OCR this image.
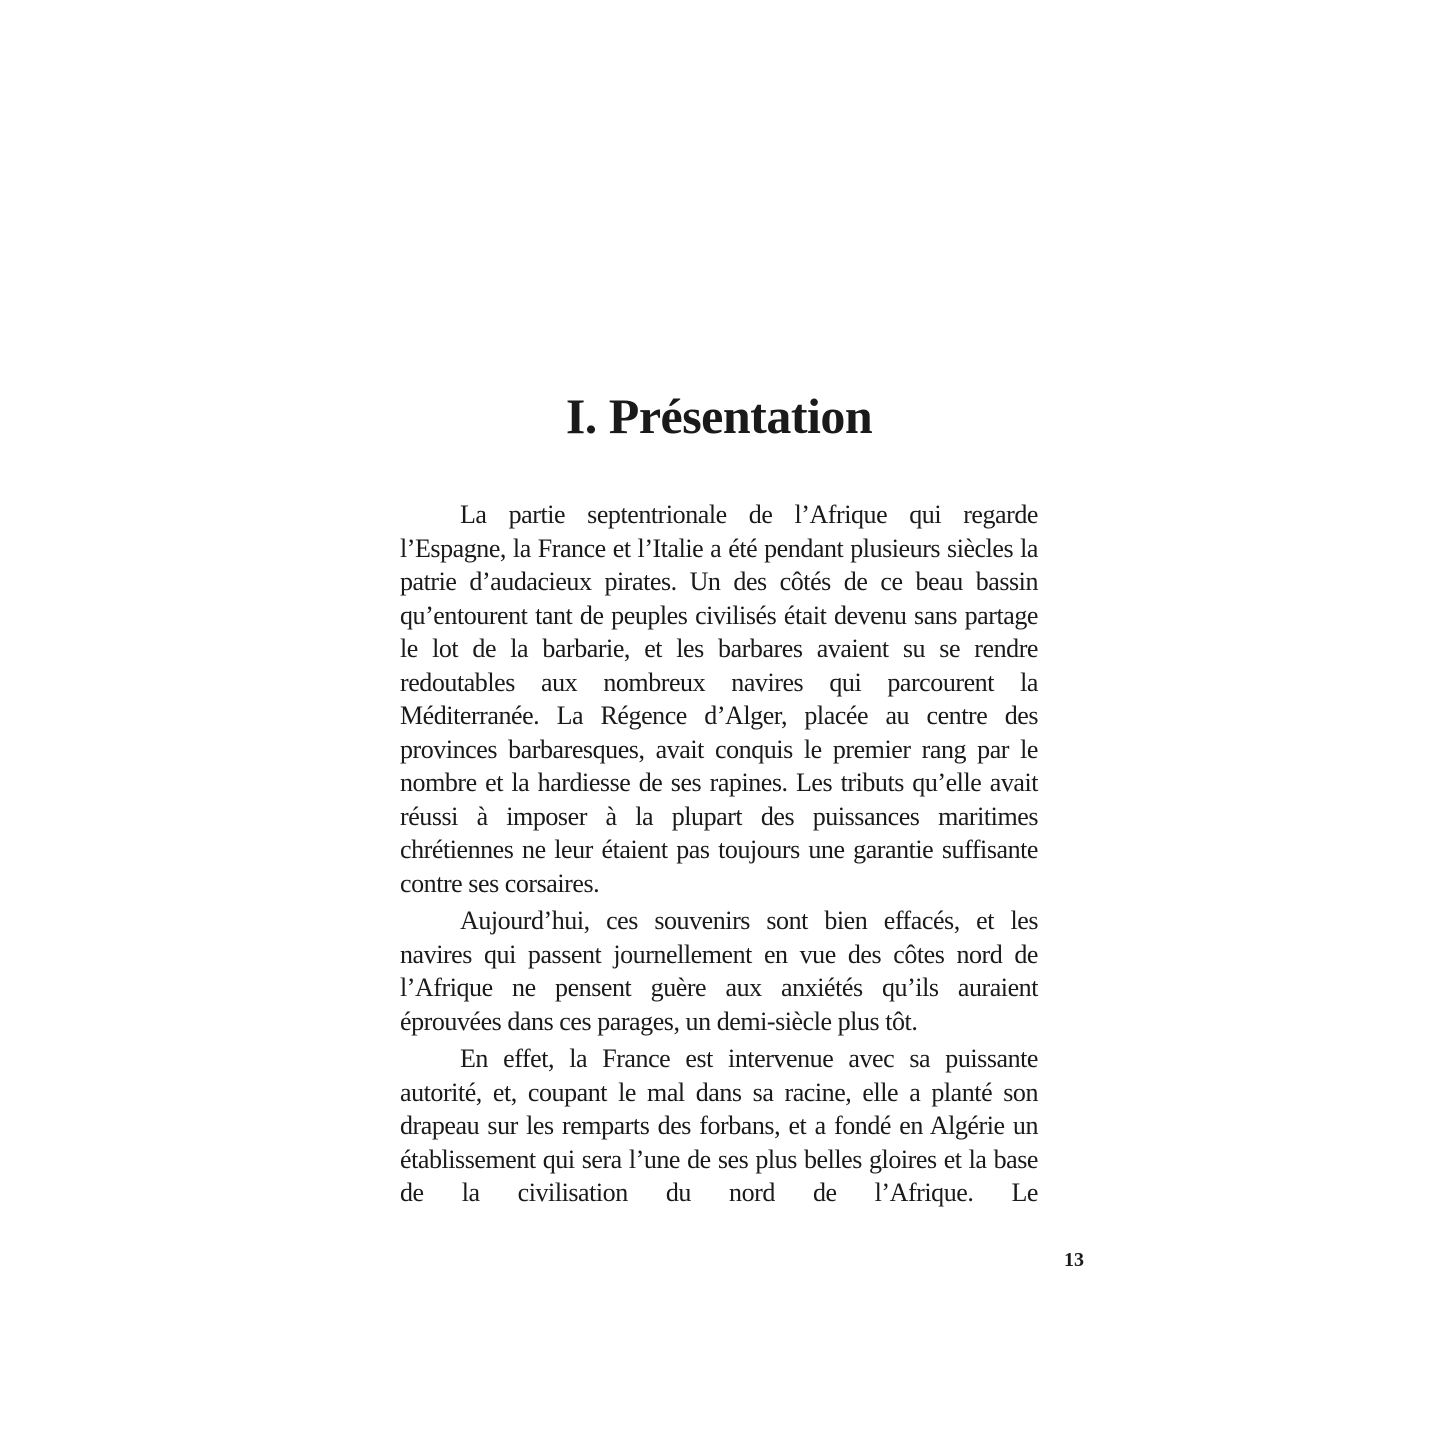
I. Présentation

La partie septentrionale de l’Afrique qui regarde l’Espagne, la France et l’Italie a été pendant plusieurs siècles la patrie d’audacieux pirates. Un des côtés de ce beau bassin qu’entourent tant de peuples civilisés était devenu sans partage le lot de la barbarie, et les barbares avaient su se rendre redoutables aux nombreux navires qui parcourent la Méditerranée. La Régence d’Alger, placée au centre des provinces barbaresques, avait conquis le premier rang par le nombre et la hardiesse de ses rapines. Les tributs qu’elle avait réussi à imposer à la plupart des puissances maritimes chrétiennes ne leur étaient pas toujours une garantie suffisante contre ses corsaires.

Aujourd’hui, ces souvenirs sont bien effacés, et les navires qui passent journellement en vue des côtes nord de l’Afrique ne pensent guère aux anxiétés qu’ils auraient éprouvées dans ces parages, un demi-siècle plus tôt.

En effet, la France est intervenue avec sa puissante autorité, et, coupant le mal dans sa racine, elle a planté son drapeau sur les remparts des forbans, et a fondé en Algérie un établissement qui sera l’une de ses plus belles gloires et la base de la civilisation du nord de l’Afrique. Le

13
